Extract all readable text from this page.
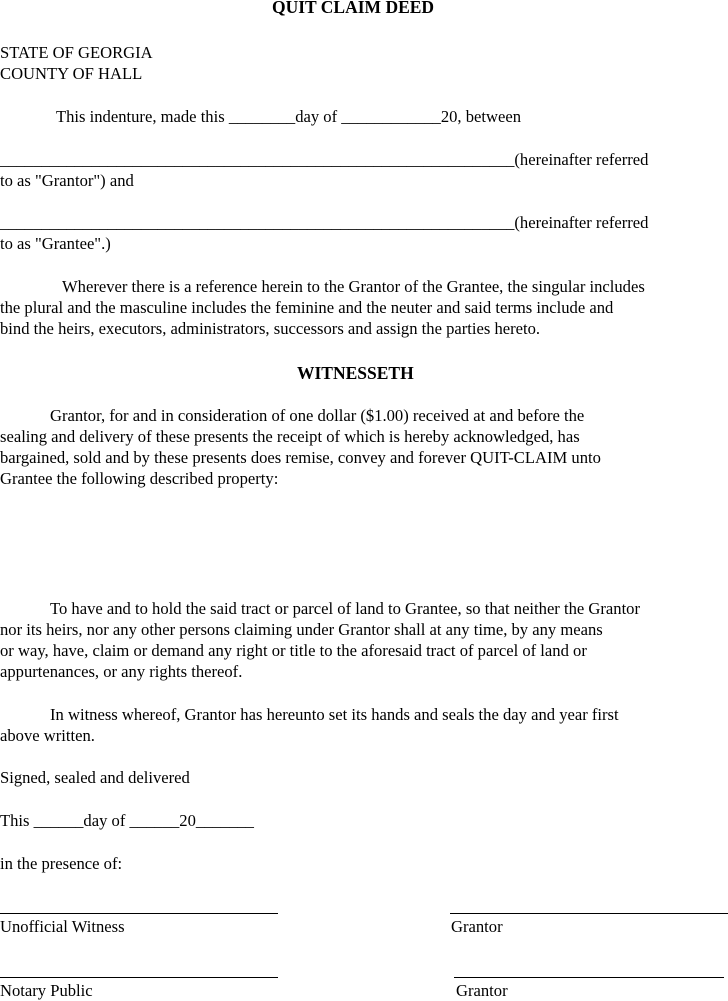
QUIT CLAIM DEED
STATE OF GEORGIA
COUNTY OF HALL
This indenture, made this ________day of ____________20, between
______________________________________________________________(hereinafter referred
to as "Grantor") and
______________________________________________________________(hereinafter referred
to as "Grantee".)
Wherever there is a reference herein to the Grantor of the Grantee, the singular includes
the plural and the masculine includes the feminine and the neuter and said terms include and
bind the heirs, executors, administrators, successors and assign the parties hereto.
WITNESSETH
Grantor, for and in consideration of one dollar ($1.00) received at and before the
sealing and delivery of these presents the receipt of which is hereby acknowledged, has
bargained, sold and by these presents does remise, convey and forever QUIT-CLAIM unto
Grantee the following described property:
To have and to hold the said tract or parcel of land to Grantee, so that neither the Grantor
nor its heirs, nor any other persons claiming under Grantor shall at any time, by any means
or way, have, claim or demand any right or title to the aforesaid tract of parcel of land or
appurtenances, or any rights thereof.
In witness whereof, Grantor has hereunto set its hands and seals the day and year first
above written.
Signed, sealed and delivered
This ______day of ______20_______
in the presence of:
Unofficial Witness	Grantor
Notary Public	Grantor
